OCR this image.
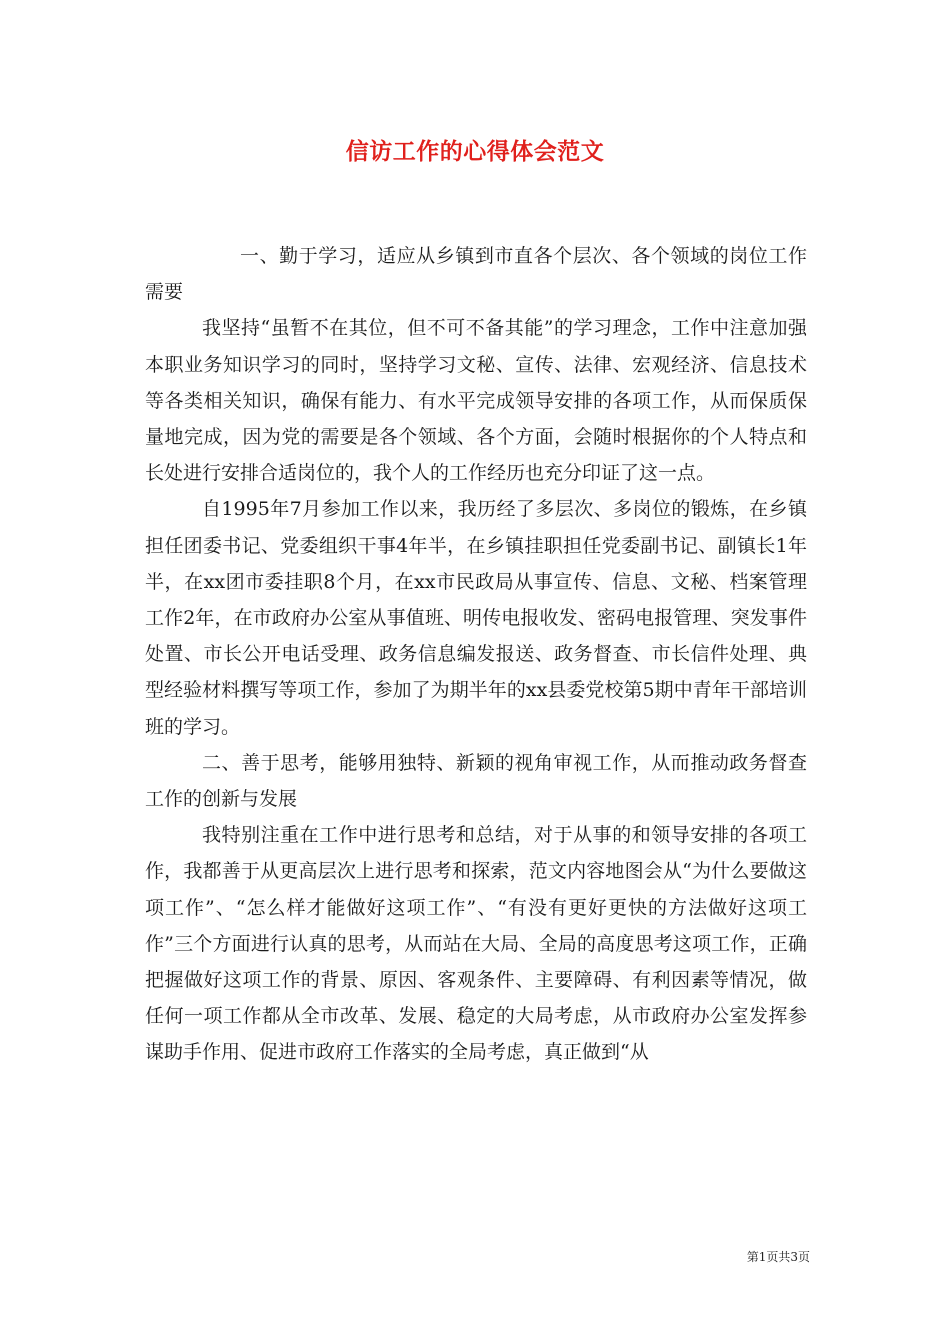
信访工作的心得体会范文

一、勤于学习，适应从乡镇到市直各个层次、各个领域的岗位工作需要

我坚持“虽暂不在其位，但不可不备其能”的学习理念，工作中注意加强本职业务知识学习的同时，坚持学习文秘、宣传、法律、宏观经济、信息技术等各类相关知识，确保有能力、有水平完成领导安排的各项工作，从而保质保量地完成，因为党的需要是各个领域、各个方面，会随时根据你的个人特点和长处进行安排合适岗位的，我个人的工作经历也充分印证了这一点。

自1995年7月参加工作以来，我历经了多层次、多岗位的锻炼，在乡镇担任团委书记、党委组织干事4年半，在乡镇挂职担任党委副书记、副镇长1年半，在xx团市委挂职8个月，在xx市民政局从事宣传、信息、文秘、档案管理工作2年，在市政府办公室从事值班、明传电报收发、密码电报管理、突发事件处置、市长公开电话受理、政务信息编发报送、政务督查、市长信件处理、典型经验材料撰写等项工作，参加了为期半年的xx县委党校第5期中青年干部培训班的学习。

二、善于思考，能够用独特、新颖的视角审视工作，从而推动政务督查工作的创新与发展

我特别注重在工作中进行思考和总结，对于从事的和领导安排的各项工作，我都善于从更高层次上进行思考和探索，范文内容地图会从“为什么要做这项工作”、“怎么样才能做好这项工作”、“有没有更好更快的方法做好这项工作”三个方面进行认真的思考，从而站在大局、全局的高度思考这项工作，正确把握做好这项工作的背景、原因、客观条件、主要障碍、有利因素等情况，做任何一项工作都从全市改革、发展、稳定的大局考虑，从市政府办公室发挥参谋助手作用、促进市政府工作落实的全局考虑，真正做到“从

第1页共3页
